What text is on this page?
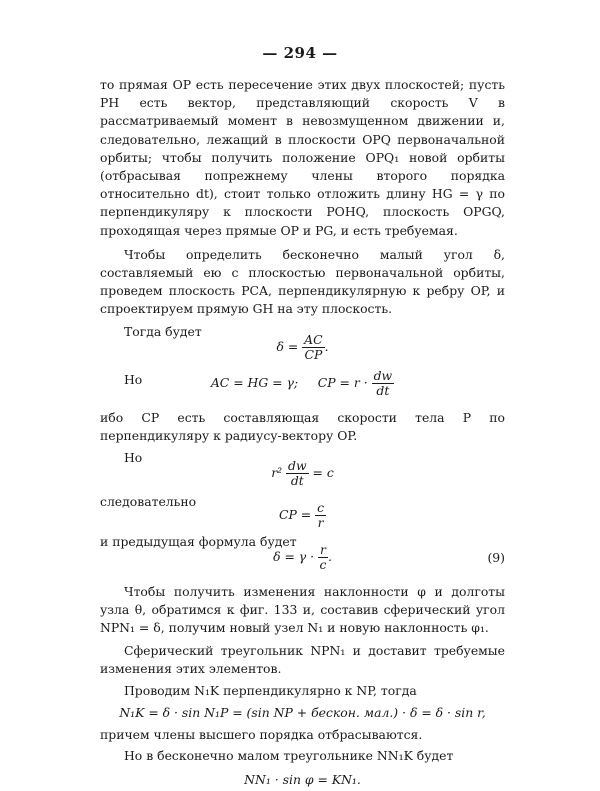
— 294 —

то прямая OP есть пересечение этих двух плоскостей; пусть PH есть вектор, представляющий скорость V в рассматриваемый момент в невозмущенном движении и, следовательно, лежащий в плоскости OPQ первоначальной орбиты; чтобы получить положение OPQ₁ новой орбиты (отбрасывая попрежнему члены второго порядка относительно dt), стоит только отложить длину HG = γ по перпендикуляру к плоскости POHQ, плоскость OPGQ, проходящая через прямые OP и PG, и есть требуемая.

Чтобы определить бесконечно малый угол δ, составляемый ею с плоскостью первоначальной орбиты, проведем плоскость PCA, перпендикулярную к ребру OP, и спроектируем прямую GH на эту плоскость.

Тогда будет
$\delta = \frac{AC}{CP}$ .
Но	AC = HG = γ;     CP = $r \cdot \frac{dw}{dt}$

ибо CP есть составляющая скорости тела P по перпендикуляру к радиусу-вектору OP.

Но
$r^2 \frac{dw}{dt} = c$
следовательно
CP = $\frac{c}{r}$
и предыдущая формула будет
$\delta = \gamma \cdot \frac{r}{c}$ .	(9)

Чтобы получить изменения наклонности φ и долготы узла θ, обратимся к фиг. 133 и, составив сферический угол NPN₁ = δ, получим новый узел N₁ и новую наклонность φ₁.

Сферический треугольник NPN₁ и доставит требуемые изменения этих элементов.

Проводим N₁K перпендикулярно к NP, тогда

N₁K = δ · sin N₁P = (sin NP + бескон. мал.) · δ = δ · sin r,

причем члены высшего порядка отбрасываются.

Но в бесконечно малом треугольнике NN₁K будет

NN₁ · sin φ = KN₁.
